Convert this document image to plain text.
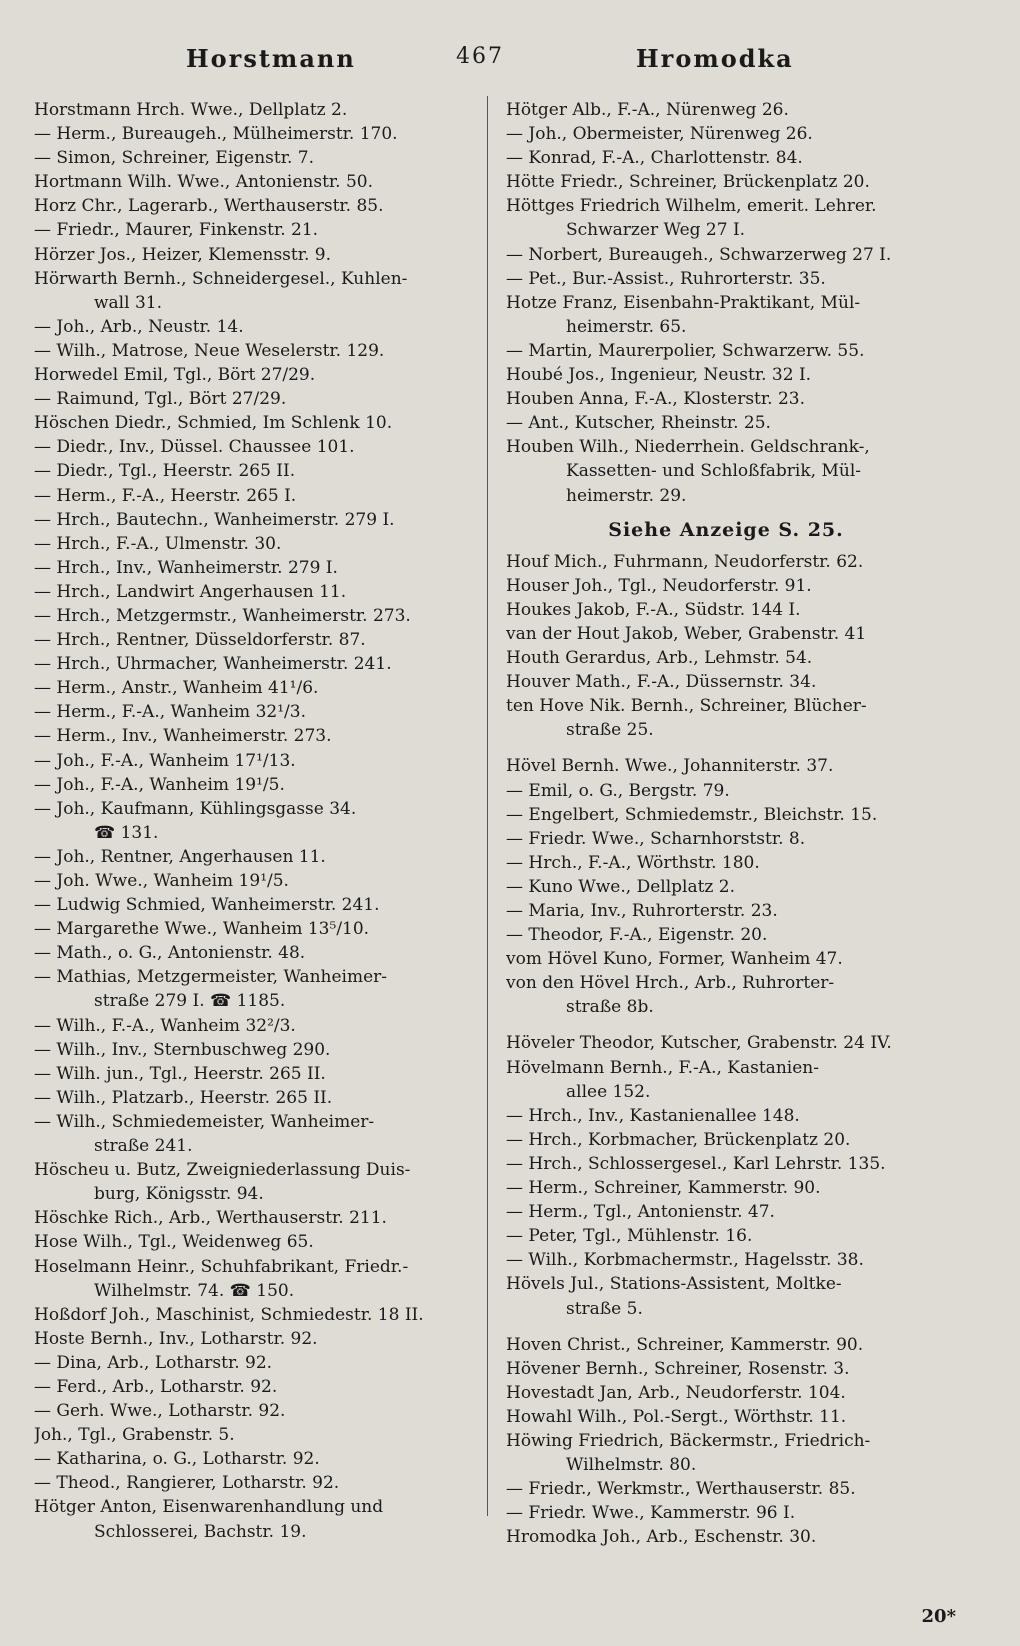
Horstmann	467	Hromodka
Horstmann Hrch. Wwe., Dellplatz 2.
— Herm., Bureaugeh., Mülheimerstr. 170.
— Simon, Schreiner, Eigenstr. 7.
Hortmann Wilh. Wwe., Antonienstr. 50.
Horz Chr., Lagerarb., Werthauserstr. 85.
— Friedr., Maurer, Finkenstr. 21.
Hörzer Jos., Heizer, Klemensstr. 9.
Hörwarth Bernh., Schneidergesel., Kuhlen-
wall 31.
— Joh., Arb., Neustr. 14.
— Wilh., Matrose, Neue Weselerstr. 129.
Horwedel Emil, Tgl., Bört 27/29.
— Raimund, Tgl., Bört 27/29.
Höschen Diedr., Schmied, Im Schlenk 10.
— Diedr., Inv., Düssel. Chaussee 101.
— Diedr., Tgl., Heerstr. 265 II.
— Herm., F.-A., Heerstr. 265 I.
— Hrch., Bautechn., Wanheimerstr. 279 I.
— Hrch., F.-A., Ulmenstr. 30.
— Hrch., Inv., Wanheimerstr. 279 I.
— Hrch., Landwirt Angerhausen 11.
— Hrch., Metzgermstr., Wanheimerstr. 273.
— Hrch., Rentner, Düsseldorferstr. 87.
— Hrch., Uhrmacher, Wanheimerstr. 241.
— Herm., Anstr., Wanheim 41¹/6.
— Herm., F.-A., Wanheim 32¹/3.
— Herm., Inv., Wanheimerstr. 273.
— Joh., F.-A., Wanheim 17¹/13.
— Joh., F.-A., Wanheim 19¹/5.
— Joh., Kaufmann, Kühlingsgasse 34.
☎ 131.
— Joh., Rentner, Angerhausen 11.
— Joh. Wwe., Wanheim 19¹/5.
— Ludwig Schmied, Wanheimerstr. 241.
— Margarethe Wwe., Wanheim 13⁵/10.
— Math., o. G., Antonienstr. 48.
— Mathias, Metzgermeister, Wanheimer-
straße 279 I. ☎ 1185.
— Wilh., F.-A., Wanheim 32²/3.
— Wilh., Inv., Sternbuschweg 290.
— Wilh. jun., Tgl., Heerstr. 265 II.
— Wilh., Platzarb., Heerstr. 265 II.
— Wilh., Schmiedemeister, Wanheimer-
straße 241.
Höscheu u. Butz, Zweigniederlassung Duis-
burg, Königsstr. 94.
Höschke Rich., Arb., Werthauserstr. 211.
Hose Wilh., Tgl., Weidenweg 65.
Hoselmann Heinr., Schuhfabrikant, Friedr.-
Wilhelmstr. 74. ☎ 150.
Hoßdorf Joh., Maschinist, Schmiedestr. 18 II.
Hoste Bernh., Inv., Lotharstr. 92.
— Dina, Arb., Lotharstr. 92.
— Ferd., Arb., Lotharstr. 92.
— Gerh. Wwe., Lotharstr. 92.
Joh., Tgl., Grabenstr. 5.
— Katharina, o. G., Lotharstr. 92.
— Theod., Rangierer, Lotharstr. 92.
Hötger Anton, Eisenwarenhandlung und
Schlosserei, Bachstr. 19.
Hötger Alb., F.-A., Nürenweg 26.
— Joh., Obermeister, Nürenweg 26.
— Konrad, F.-A., Charlottenstr. 84.
Hötte Friedr., Schreiner, Brückenplatz 20.
Höttges Friedrich Wilhelm, emerit. Lehrer.
Schwarzer Weg 27 I.
— Norbert, Bureaugeh., Schwarzerweg 27 I.
— Pet., Bur.-Assist., Ruhrorterstr. 35.
Hotze Franz, Eisenbahn-Praktikant, Mül-
heimerstr. 65.
— Martin, Maurerpolier, Schwarzerw. 55.
Houbé Jos., Ingenieur, Neustr. 32 I.
Houben Anna, F.-A., Klosterstr. 23.
— Ant., Kutscher, Rheinstr. 25.
Houben Wilh., Niederrhein. Geldschrank-,
Kassetten- und Schloßfabrik, Mül-
heimerstr. 29.
Siehe Anzeige S. 25.
Houf Mich., Fuhrmann, Neudorferstr. 62.
Houser Joh., Tgl., Neudorferstr. 91.
Houkes Jakob, F.-A., Südstr. 144 I.
van der Hout Jakob, Weber, Grabenstr. 41
Houth Gerardus, Arb., Lehmstr. 54.
Houver Math., F.-A., Düssernstr. 34.
ten Hove Nik. Bernh., Schreiner, Blücher-
straße 25.
Hövel Bernh. Wwe., Johanniterstr. 37.
— Emil, o. G., Bergstr. 79.
— Engelbert, Schmiedemstr., Bleichstr. 15.
— Friedr. Wwe., Scharnhorststr. 8.
— Hrch., F.-A., Wörthstr. 180.
— Kuno Wwe., Dellplatz 2.
— Maria, Inv., Ruhrorterstr. 23.
— Theodor, F.-A., Eigenstr. 20.
vom Hövel Kuno, Former, Wanheim 47.
von den Hövel Hrch., Arb., Ruhrorter-
straße 8b.
Höveler Theodor, Kutscher, Grabenstr. 24 IV.
Hövelmann Bernh., F.-A., Kastanien-
allee 152.
— Hrch., Inv., Kastanienallee 148.
— Hrch., Korbmacher, Brückenplatz 20.
— Hrch., Schlossergesel., Karl Lehrstr. 135.
— Herm., Schreiner, Kammerstr. 90.
— Herm., Tgl., Antonienstr. 47.
— Peter, Tgl., Mühlenstr. 16.
— Wilh., Korbmachermstr., Hagelsstr. 38.
Hövels Jul., Stations-Assistent, Moltke-
straße 5.
Hoven Christ., Schreiner, Kammerstr. 90.
Hövener Bernh., Schreiner, Rosenstr. 3.
Hovestadt Jan, Arb., Neudorferstr. 104.
Howahl Wilh., Pol.-Sergt., Wörthstr. 11.
Höwing Friedrich, Bäckermstr., Friedrich-
Wilhelmstr. 80.
— Friedr., Werkmstr., Werthauserstr. 85.
— Friedr. Wwe., Kammerstr. 96 I.
Hromodka Joh., Arb., Eschenstr. 30.
20*
